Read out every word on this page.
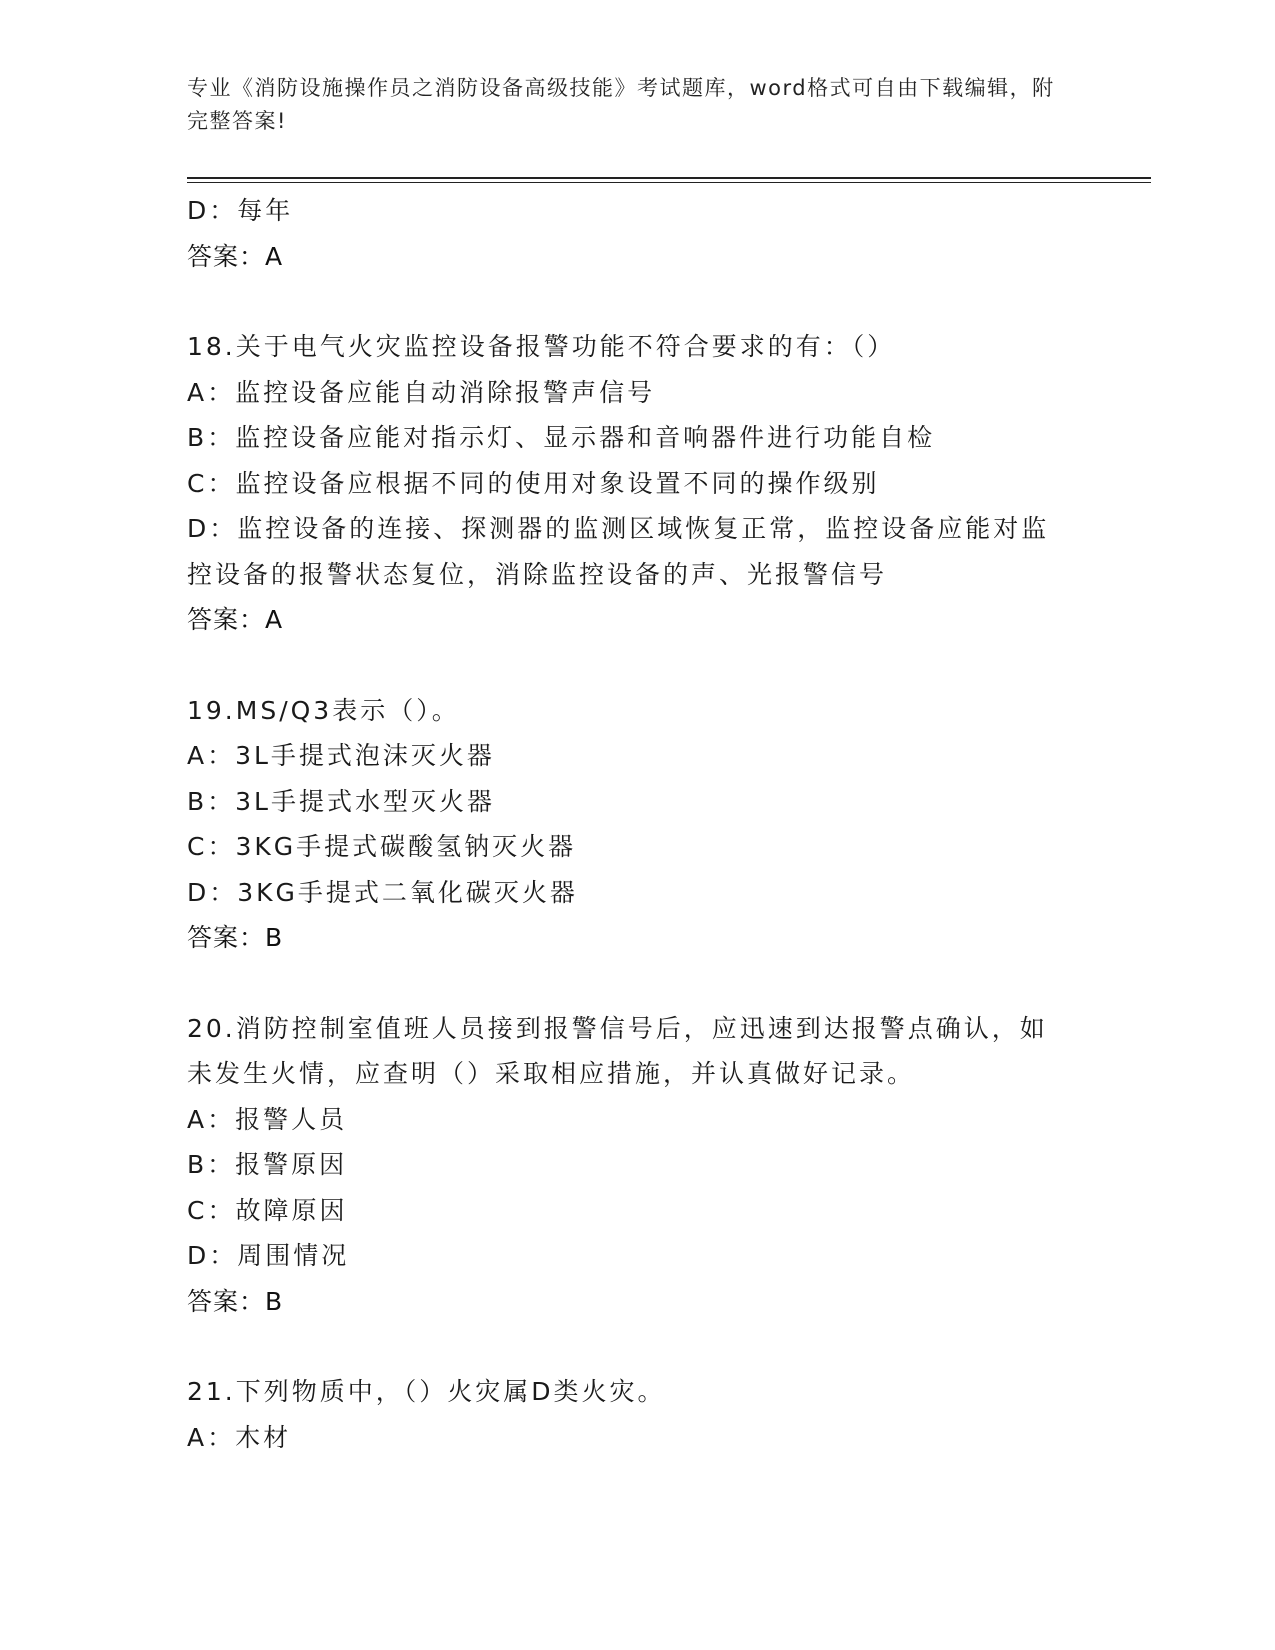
专业《消防设施操作员之消防设备高级技能》考试题库，word格式可自由下载编辑，附完整答案!
D：每年
答案：A
18.关于电气火灾监控设备报警功能不符合要求的有：（）
A：监控设备应能自动消除报警声信号
B：监控设备应能对指示灯、显示器和音响器件进行功能自检
C：监控设备应根据不同的使用对象设置不同的操作级别
D：监控设备的连接、探测器的监测区域恢复正常，监控设备应能对监控设备的报警状态复位，消除监控设备的声、光报警信号
答案：A
19.MS/Q3表示（）。
A：3L手提式泡沫灭火器
B：3L手提式水型灭火器
C：3KG手提式碳酸氢钠灭火器
D：3KG手提式二氧化碳灭火器
答案：B
20.消防控制室值班人员接到报警信号后，应迅速到达报警点确认，如未发生火情，应查明（）采取相应措施，并认真做好记录。
A：报警人员
B：报警原因
C：故障原因
D：周围情况
答案：B
21.下列物质中，（）火灾属D类火灾。
A：木材
